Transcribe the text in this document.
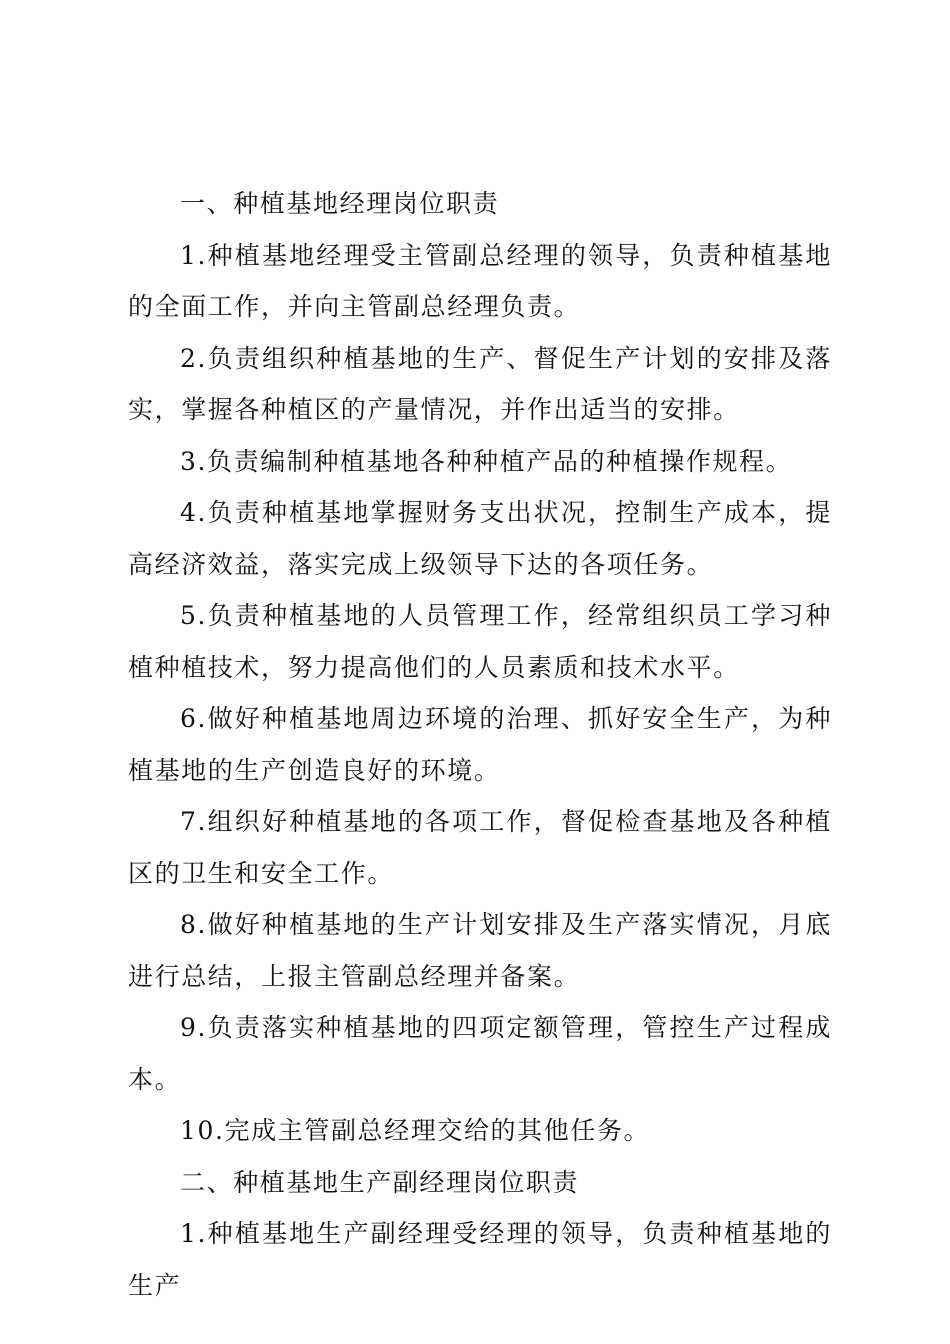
一、种植基地经理岗位职责

1.种植基地经理受主管副总经理的领导，负责种植基地的全面工作，并向主管副总经理负责。

2.负责组织种植基地的生产、督促生产计划的安排及落实，掌握各种植区的产量情况，并作出适当的安排。

3.负责编制种植基地各种种植产品的种植操作规程。

4.负责种植基地掌握财务支出状况，控制生产成本，提高经济效益，落实完成上级领导下达的各项任务。

5.负责种植基地的人员管理工作，经常组织员工学习种植种植技术，努力提高他们的人员素质和技术水平。

6.做好种植基地周边环境的治理、抓好安全生产，为种植基地的生产创造良好的环境。

7.组织好种植基地的各项工作，督促检查基地及各种植区的卫生和安全工作。

8.做好种植基地的生产计划安排及生产落实情况，月底进行总结，上报主管副总经理并备案。

9.负责落实种植基地的四项定额管理，管控生产过程成本。

10.完成主管副总经理交给的其他任务。

二、种植基地生产副经理岗位职责

1.种植基地生产副经理受经理的领导，负责种植基地的生产
